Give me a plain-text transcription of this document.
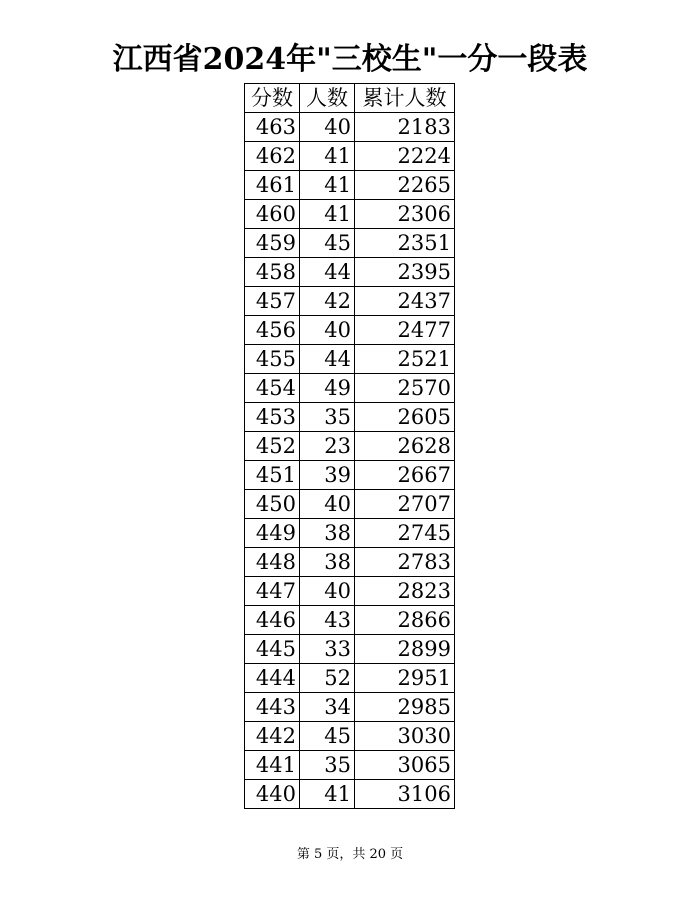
江西省2024年"三校生"一分一段表
分数	人数	累计人数
463	40	2183
462	41	2224
461	41	2265
460	41	2306
459	45	2351
458	44	2395
457	42	2437
456	40	2477
455	44	2521
454	49	2570
453	35	2605
452	23	2628
451	39	2667
450	40	2707
449	38	2745
448	38	2783
447	40	2823
446	43	2866
445	33	2899
444	52	2951
443	34	2985
442	45	3030
441	35	3065
440	41	3106
第 5 页，共 20 页
